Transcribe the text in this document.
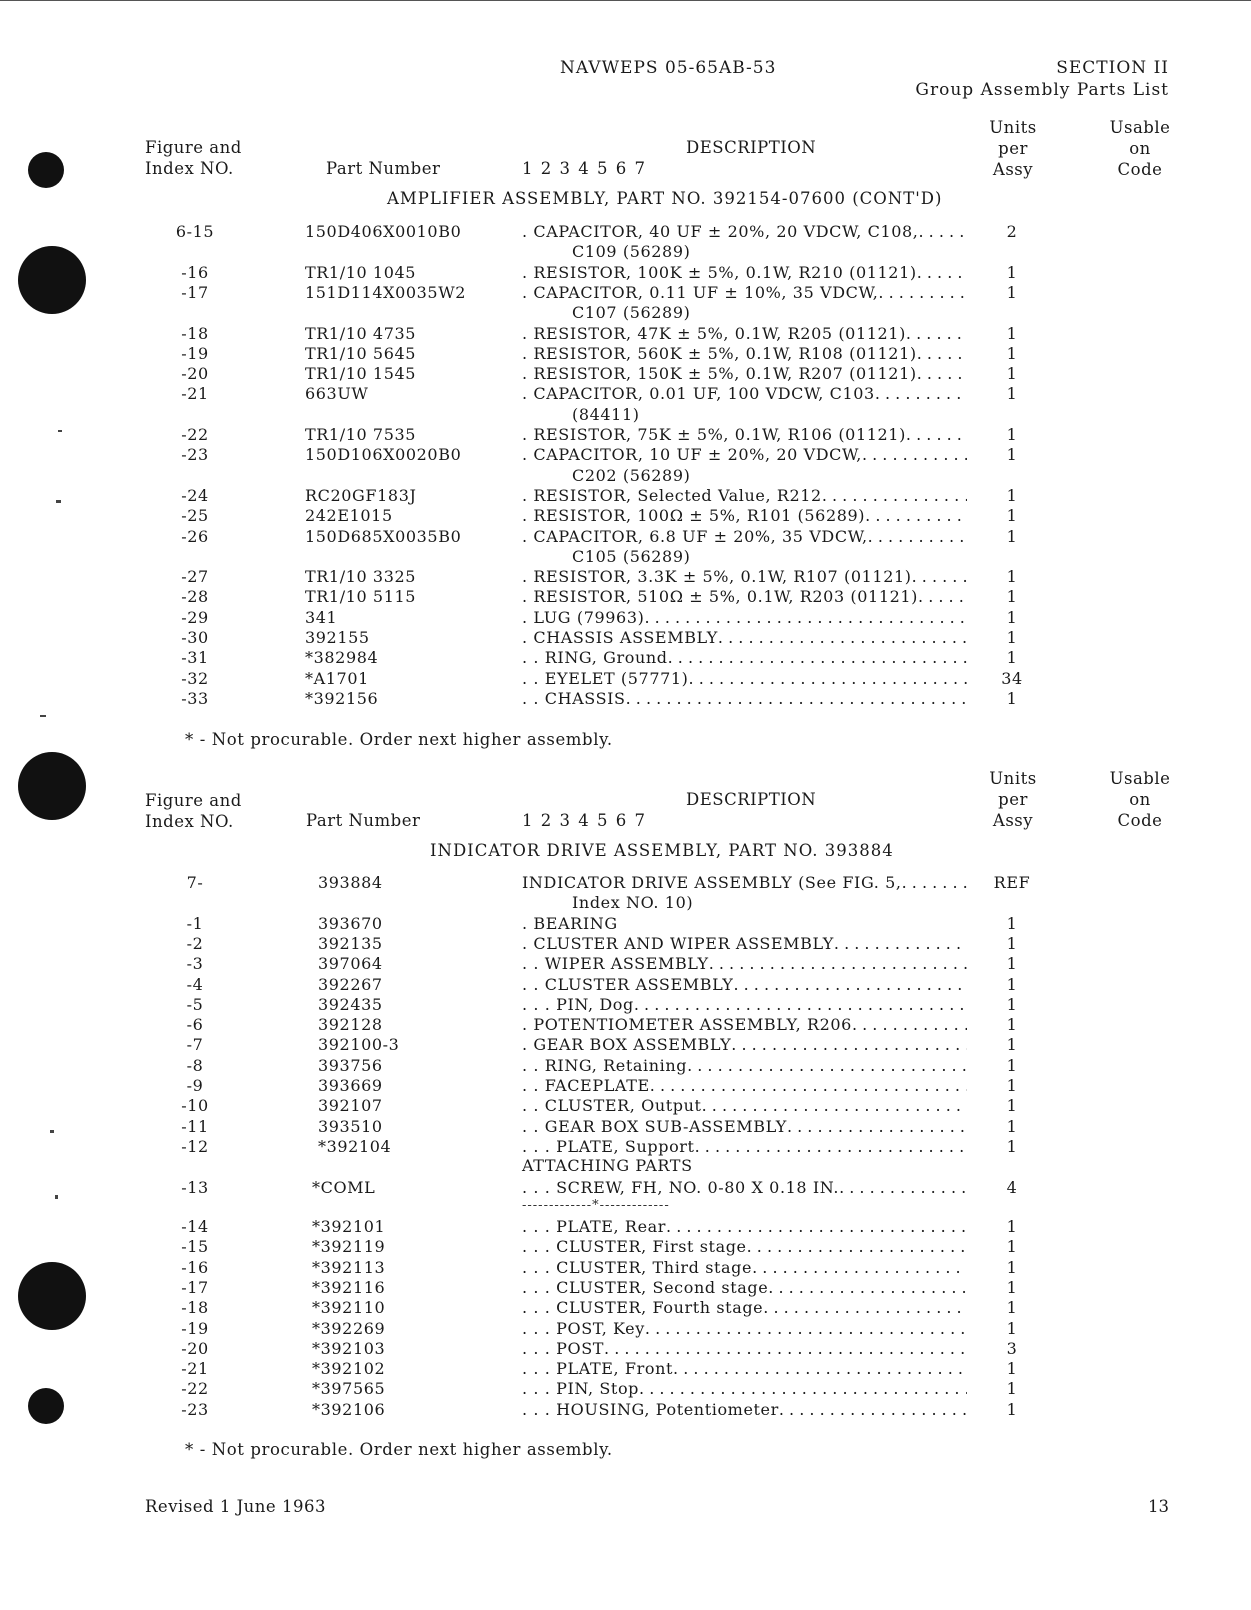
NAVWEPS 05-65AB-53	SECTION II
Group Assembly Parts List
Figure and
Index NO.	Part Number	1 2 3 4 5 6 7
DESCRIPTION
Units
per
Assy
Usable
on
Code
AMPLIFIER ASSEMBLY, PART NO. 392154-07600 (CONT'D)
6-15	150D406X0010B0	. CAPACITOR, 40 UF ± 20%, 20 VDCW, C108, . . .	2
C109 (56289)
-16	TR1/10 1045	. RESISTOR, 100K ± 5%, 0.1W, R210 (01121) . . .	1
-17	151D114X0035W2	. CAPACITOR, 0.11 UF ± 10%, 35 VDCW, . . .	1
C107 (56289)
-18	TR1/10 4735	. RESISTOR, 47K ± 5%, 0.1W, R205 (01121) . . .	1
-19	TR1/10 5645	. RESISTOR, 560K ± 5%, 0.1W, R108 (01121) . . .	1
-20	TR1/10 1545	. RESISTOR, 150K ± 5%, 0.1W, R207 (01121) . . .	1
-21	663UW	. CAPACITOR, 0.01 UF, 100 VDCW, C103 . . .	1
(84411)
-22	TR1/10 7535	. RESISTOR, 75K ± 5%, 0.1W, R106 (01121) . . .	1
-23	150D106X0020B0	. CAPACITOR, 10 UF ± 20%, 20 VDCW, . . .	1
C202 (56289)
-24	RC20GF183J	. RESISTOR, Selected Value, R212 . . .	1
-25	242E1015	. RESISTOR, 100Ω ± 5%, R101 (56289) . . .	1
-26	150D685X0035B0	. CAPACITOR, 6.8 UF ± 20%, 35 VDCW, . . .	1
C105 (56289)
-27	TR1/10 3325	. RESISTOR, 3.3K ± 5%, 0.1W, R107 (01121) . . .	1
-28	TR1/10 5115	. RESISTOR, 510Ω ± 5%, 0.1W, R203 (01121) . . .	1
-29	341	. LUG (79963) . . .	1
-30	392155	. CHASSIS ASSEMBLY . . .	1
-31	*382984	. . RING, Ground . . .	1
-32	*A1701	. . EYELET (57771) . . .	34
-33	*392156	. . CHASSIS . . .	1
* - Not procurable. Order next higher assembly.
Figure and
Index NO.	Part Number	1 2 3 4 5 6 7
DESCRIPTION
Units
per
Assy
Usable
on
Code
INDICATOR DRIVE ASSEMBLY, PART NO. 393884
7-	393884	INDICATOR DRIVE ASSEMBLY (See FIG. 5, . . .	REF
Index NO. 10)
-1	393670	. BEARING	1
-2	392135	. CLUSTER AND WIPER ASSEMBLY . . .	1
-3	397064	. . WIPER ASSEMBLY . . .	1
-4	392267	. . CLUSTER ASSEMBLY . . .	1
-5	392435	. . . PIN, Dog . . .	1
-6	392128	. POTENTIOMETER ASSEMBLY, R206 . . .	1
-7	392100-3	. GEAR BOX ASSEMBLY . . .	1
-8	393756	. . RING, Retaining . . .	1
-9	393669	. . FACEPLATE . . .	1
-10	392107	. . CLUSTER, Output . . .	1
-11	393510	. . GEAR BOX SUB-ASSEMBLY . . .	1
-12	*392104	. . . PLATE, Support . . .	1
ATTACHING PARTS
-13	*COML	. . . SCREW, FH, NO. 0-80 X 0.18 IN. . . .	4
-------------*-------------
-14	*392101	. . . PLATE, Rear . . .	1
-15	*392119	. . . CLUSTER, First stage . . .	1
-16	*392113	. . . CLUSTER, Third stage . . .	1
-17	*392116	. . . CLUSTER, Second stage . . .	1
-18	*392110	. . . CLUSTER, Fourth stage . . .	1
-19	*392269	. . . POST, Key . . .	1
-20	*392103	. . . POST . . .	3
-21	*392102	. . . PLATE, Front . . .	1
-22	*397565	. . . PIN, Stop . . .	1
-23	*392106	. . . HOUSING, Potentiometer . . .	1
* - Not procurable. Order next higher assembly.
Revised 1 June 1963	13
